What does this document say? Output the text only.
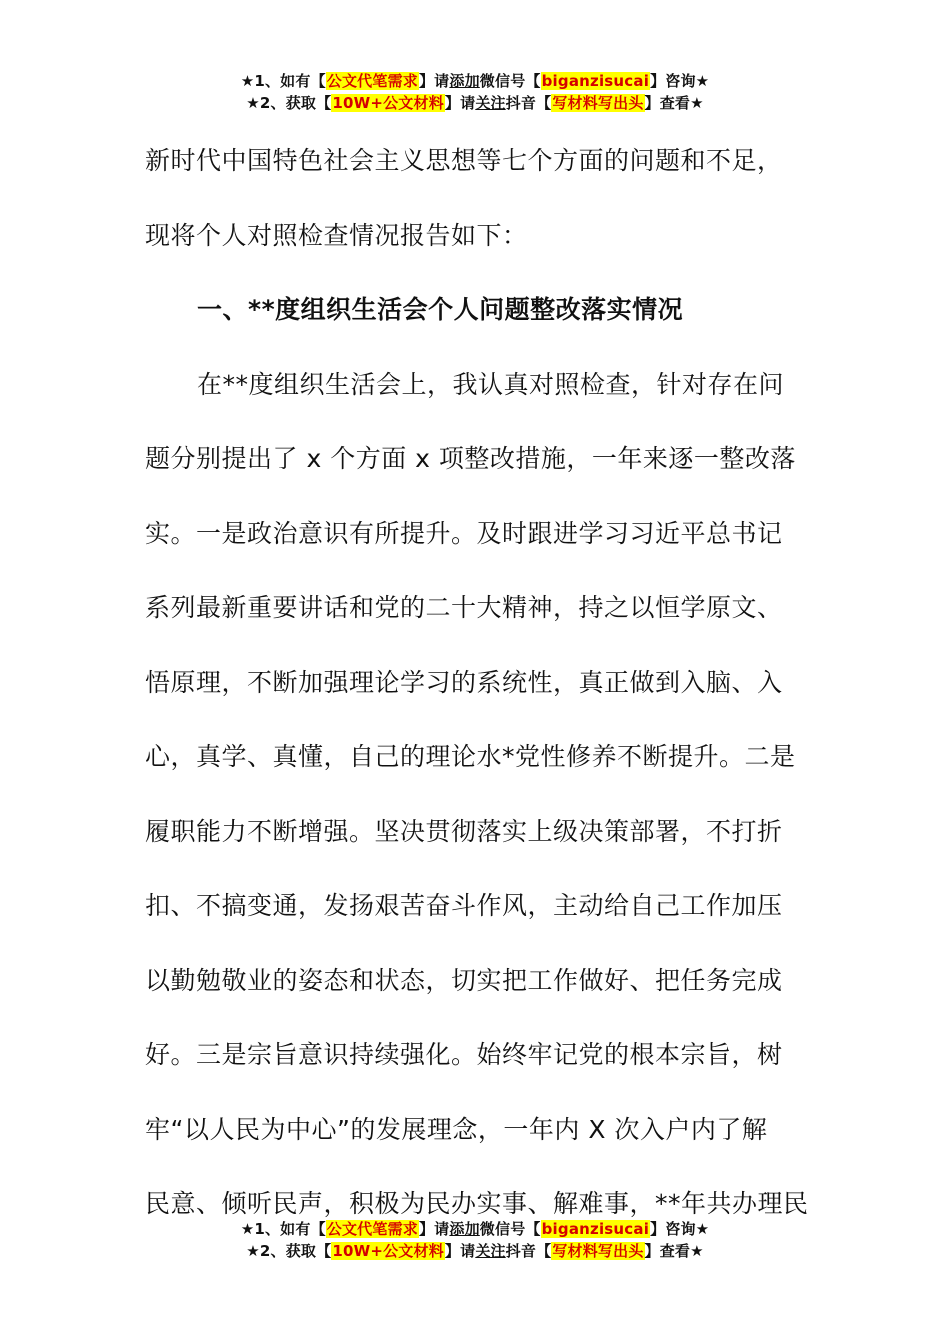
★1、如有【公文代笔需求】请添加微信号【biganzisucai】咨询★
★2、获取【10W+公文材料】请关注抖音【写材料写出头】查看★
新时代中国特色社会主义思想等七个方面的问题和不足，
现将个人对照检查情况报告如下：
一、**度组织生活会个人问题整改落实情况
在**度组织生活会上，我认真对照检查，针对存在问
题分别提出了 x 个方面 x 项整改措施，一年来逐一整改落
实。一是政治意识有所提升。及时跟进学习习近平总书记
系列最新重要讲话和党的二十大精神，持之以恒学原文、
悟原理，不断加强理论学习的系统性，真正做到入脑、入
心，真学、真懂，自己的理论水*党性修养不断提升。二是
履职能力不断增强。坚决贯彻落实上级决策部署，不打折
扣、不搞变通，发扬艰苦奋斗作风，主动给自己工作加压
以勤勉敬业的姿态和状态，切实把工作做好、把任务完成
好。三是宗旨意识持续强化。始终牢记党的根本宗旨，树
牢“以人民为中心”的发展理念，一年内 X 次入户内了解
民意、倾听民声，积极为民办实事、解难事，**年共办理民
★1、如有【公文代笔需求】请添加微信号【biganzisucai】咨询★
★2、获取【10W+公文材料】请关注抖音【写材料写出头】查看★
